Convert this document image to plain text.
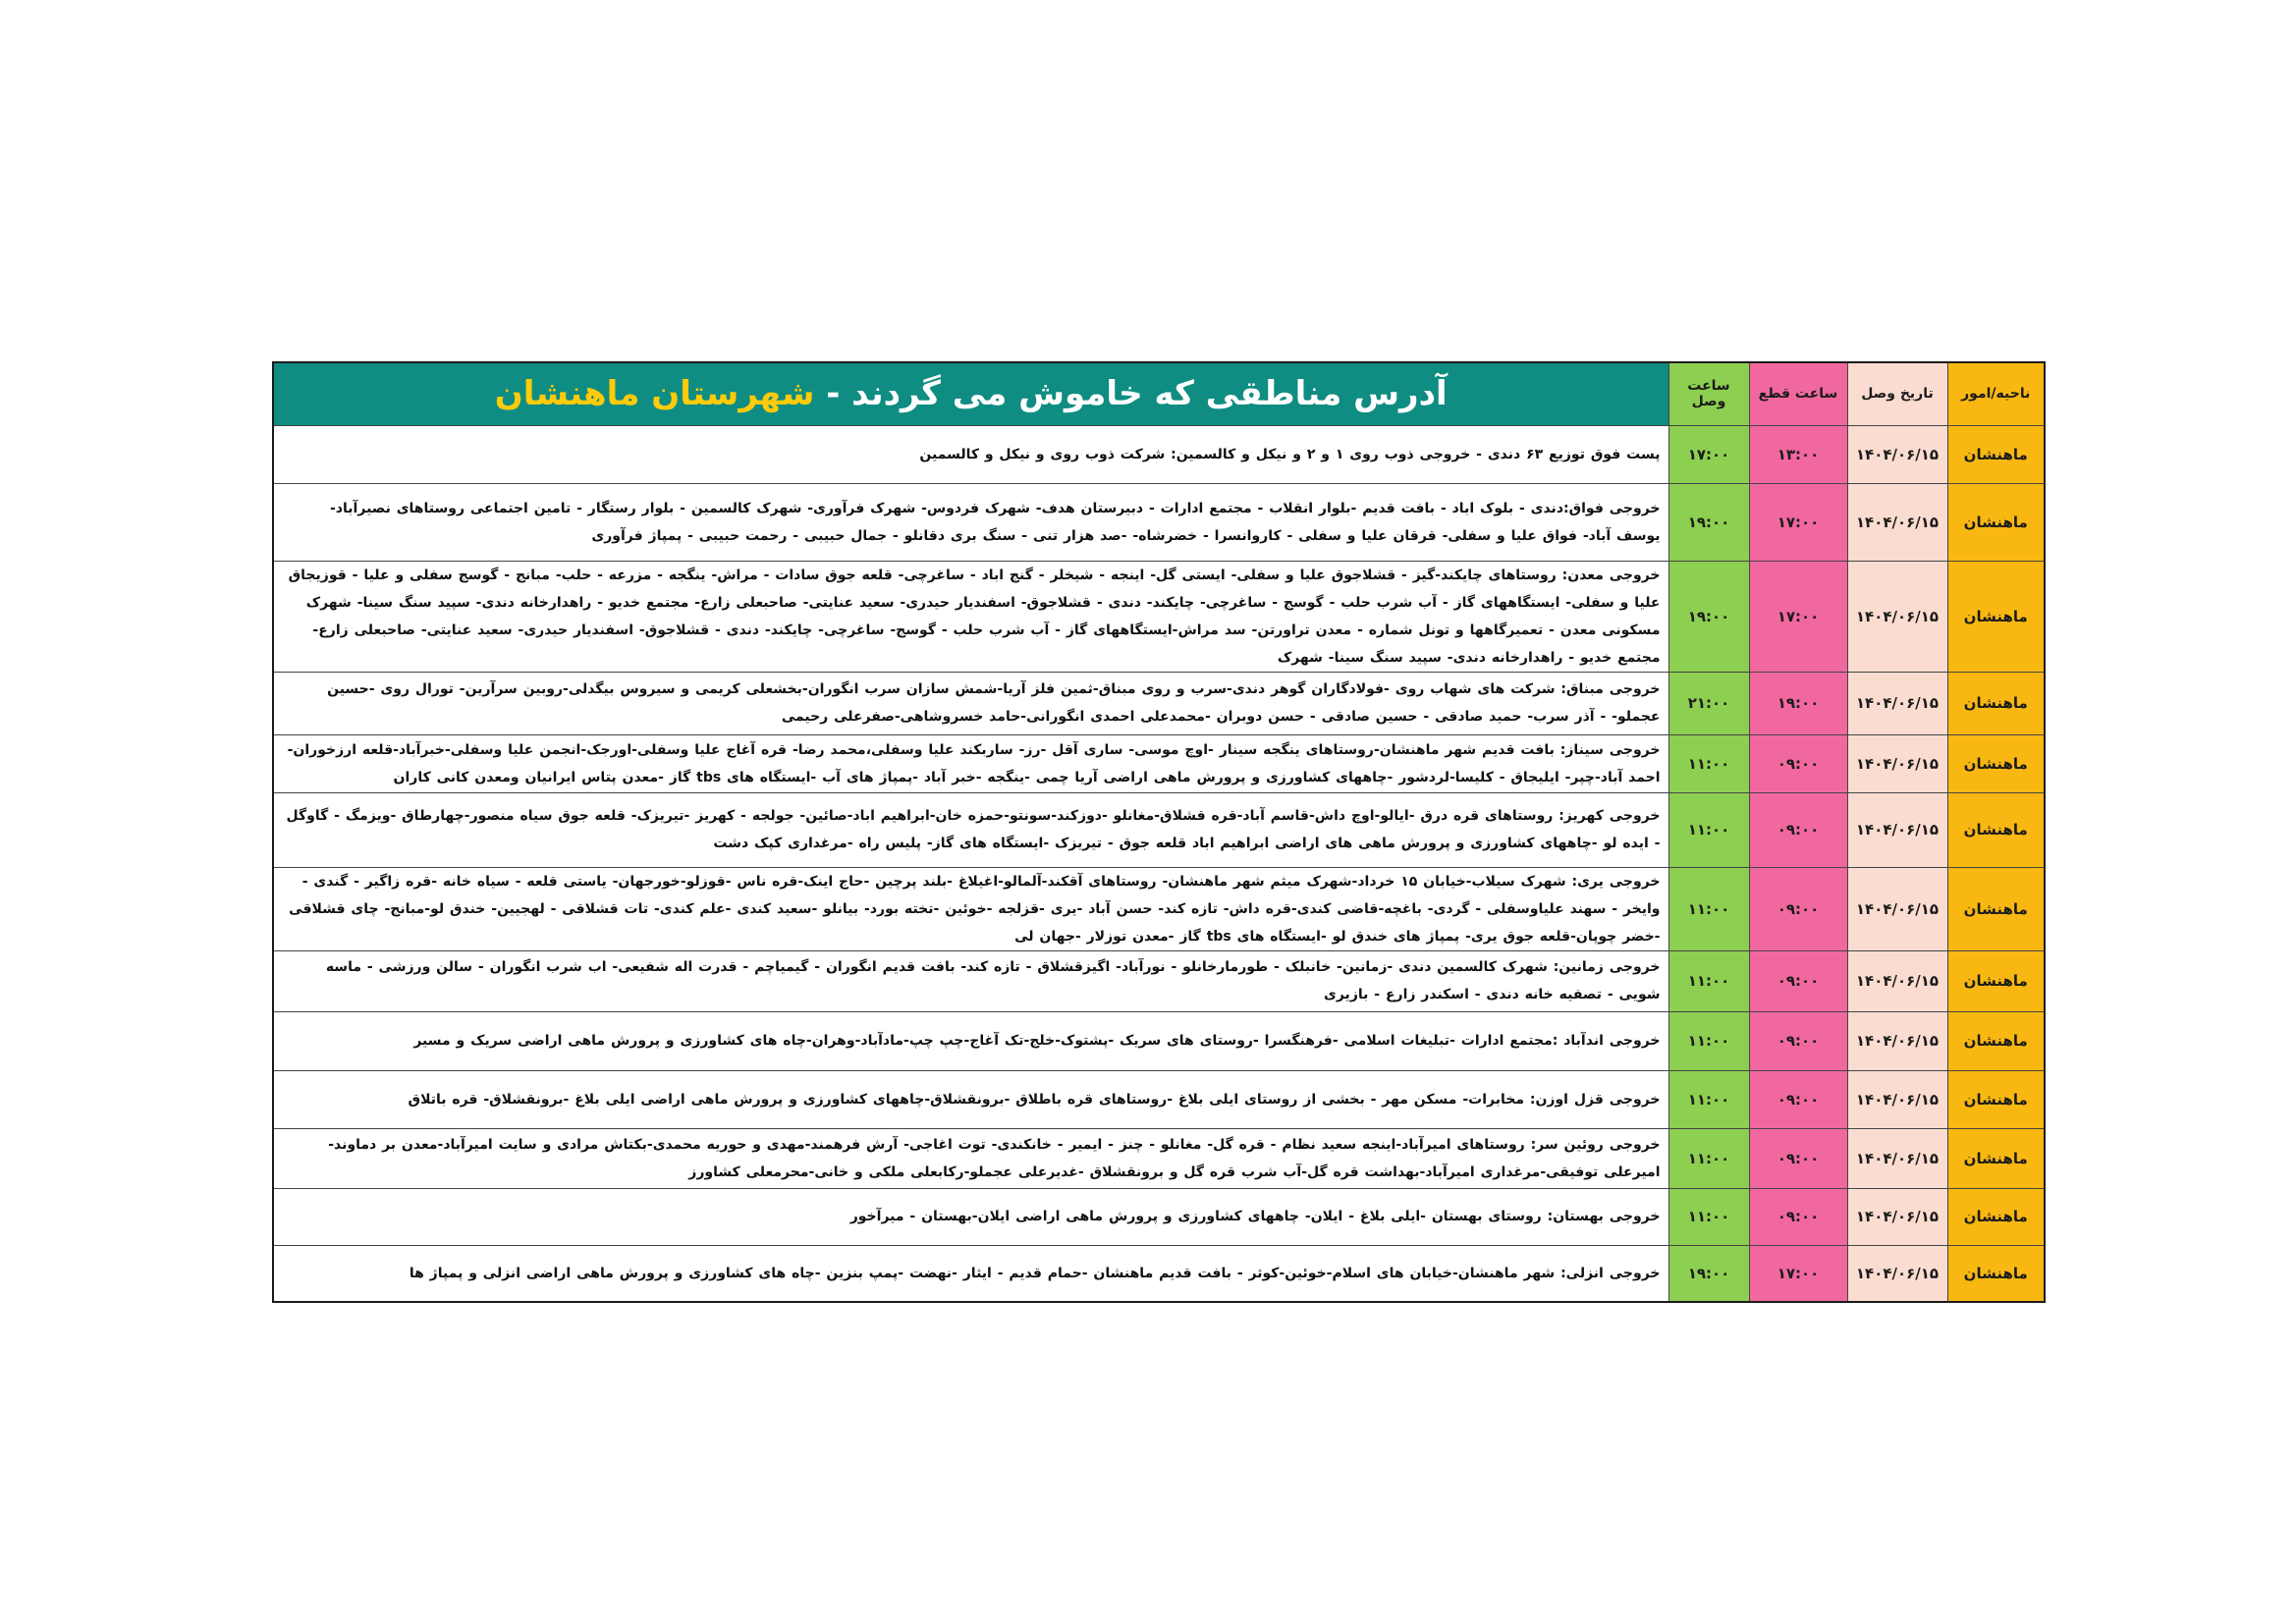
ناحیه/امور	تاریخ وصل	ساعت قطع	ساعت وصل	آدرس مناطقی که خاموش می گردند - شهرستان ماهنشان
ماهنشان	۱۴۰۴/۰۶/۱۵	۱۳:۰۰	۱۷:۰۰	پست فوق توزیع ۶۳ دندی - خروجی ذوب روی ۱ و ۲ و نیکل و کالسمین: شرکت ذوب روی و نیکل و کالسمین
ماهنشان	۱۴۰۴/۰۶/۱۵	۱۷:۰۰	۱۹:۰۰	خروجی فواق:دندی - بلوک اباد - بافت قدیم -بلوار انقلاب - مجتمع ادارات - دبیرستان هدف- شهرک فردوس- شهرک فرآوری- شهرک کالسمین - بلوار رستگار - تامین اجتماعی روستاهای نصیرآباد- یوسف آباد- فواق علیا و سفلی- قرقان علیا و سفلی - کاروانسرا - خضرشاه- -صد هزار تنی - سنگ بری دقانلو - جمال حبیبی - رحمت حبیبی - پمپاژ فرآوری
ماهنشان	۱۴۰۴/۰۶/۱۵	۱۷:۰۰	۱۹:۰۰	خروجی معدن: روستاهای چایکند-گیز - قشلاجوق علیا و سفلی- ایستی گل- اینجه - شیخلر - گنج اباد - ساغرچی- قلعه جوق سادات - مراش- ینگجه - مزرعه - حلب- مبانج - گوسج سفلی و علیا - قوزیجاق علیا و سفلی- ایستگاههای گاز - آب شرب حلب - گوسج - ساغرچی- چایکند- دندی - قشلاجوق- اسفندیار حیدری- سعید عنایتی- صاحبعلی زارع- مجتمع خدیو - راهدارخانه دندی- سپید سنگ سینا- شهرک مسکونی معدن - تعمیرگاهها و تونل شماره - معدن تراورتن- سد مراش-ایستگاههای گاز - آب شرب حلب - گوسج- ساغرچی- چایکند- دندی - قشلاجوق- اسفندیار حیدری- سعید عنایتی- صاحبعلی زارع- مجتمع خدیو - راهدارخانه دندی- سپید سنگ سینا- شهرک
ماهنشان	۱۴۰۴/۰۶/۱۵	۱۹:۰۰	۲۱:۰۰	خروجی مبناق: شرکت های شهاب روی -فولادگاران گوهر دندی-سرب و روی مبناق-ثمین فلز آریا-شمش سازان سرب انگوران-بخشعلی کریمی و سیروس بیگدلی-روبین سرآرین- تورال روی -حسین عجملو- - آذر سرب- حمید صادقی - حسین صادقی - حسن دوبران -محمدعلی احمدی انگورانی-حامد خسروشاهی-صفرعلی رحیمی
ماهنشان	۱۴۰۴/۰۶/۱۵	۰۹:۰۰	۱۱:۰۰	خروجی سیناز: بافت قدیم شهر ماهنشان-روستاهای ینگجه سینار -اوچ موسی- ساری آقل -رز- ساربکند علیا وسفلی،محمد رضا- قره آغاج علیا وسفلی-اورجک-انجمن علیا وسفلی-خبرآباد-قلعه ارزخوران-احمد آباد-چپر- ایلیجاق - کلیسا-لردشور -چاههای کشاورزی و پرورش ماهی اراضی آریا چمی -ینگجه -خبر آباد -پمپاژ های آب -ایستگاه های tbs گاز -معدن پتاس ایرانیان ومعدن کانی کاران
ماهنشان	۱۴۰۴/۰۶/۱۵	۰۹:۰۰	۱۱:۰۰	خروجی کهریز: روستاهای قره درق -ایالو-اوچ داش-قاسم آباد-قره قشلاق-مغانلو -دوزکند-سونتو-حمزه خان-ابراهیم اباد-صائین- جولجه - کهریز -تیریزک- قلعه جوق سیاه منصور-چهارطاق -ویزمگ - گاوگل - ایده لو -چاههای کشاورزی و پرورش ماهی های اراضی ابراهیم اباد قلعه جوق - تیریزک -ایستگاه های گاز- پلیس راه -مرغداری کپک دشت
ماهنشان	۱۴۰۴/۰۶/۱۵	۰۹:۰۰	۱۱:۰۰	خروجی یری: شهرک سیلاب-خیابان ۱۵ خرداد-شهرک میثم شهر ماهنشان- روستاهای آقکند-آلمالو-اغیلاغ -بلند پرچین -حاج اینک-قره ناس -قوزلو-خورجهان- یاستی قلعه - سیاه خانه -قره زاگیر - گندی - وایخر - سهند علیاوسفلی - گردی- باغچه-قاضی کندی-قره داش- تازه کند- حسن آباد -یری -قزلجه -خوئین -تخته بورد- بیانلو -سعید کندی -علم کندی- تات قشلاقی - لهجیین- خندق لو-مبانج- چای قشلاقی -خضر چوپان-قلعه جوق یری- پمپاژ های خندق لو -ایستگاه های tbs گاز -معدن توزلار -جهان لی
ماهنشان	۱۴۰۴/۰۶/۱۵	۰۹:۰۰	۱۱:۰۰	خروجی زمانین: شهرک کالسمین دندی -زمانین- خانبلک - طورمارخانلو - نورآباد- اگیزقشلاق - تازه کند- بافت قدیم انگوران - گیمیاچم - قدرت اله شفیعی- اب شرب انگوران - سالن ورزشی - ماسه شویی - تصفیه خانه دندی - اسکندر زارع - بازیری
ماهنشان	۱۴۰۴/۰۶/۱۵	۰۹:۰۰	۱۱:۰۰	خروجی اندآباد :مجتمع ادارات -تبلیغات اسلامی -فرهنگسرا -روستای های سریک -پشتوک-خلج-تک آغاج-چپ چپ-مادآباد-وهران-چاه های کشاورزی و پرورش ماهی اراضی سریک و مسیر
ماهنشان	۱۴۰۴/۰۶/۱۵	۰۹:۰۰	۱۱:۰۰	خروجی قزل اوزن: مخابرات- مسکن مهر - بخشی از روستای ایلی بلاغ -روستاهای قره باطلاق -برونقشلاق-چاههای کشاورزی و پرورش ماهی اراضی ایلی بلاغ -برونقشلاق- قره باتلاق
ماهنشان	۱۴۰۴/۰۶/۱۵	۰۹:۰۰	۱۱:۰۰	خروجی روئین سر: روستاهای امیرآباد-اینجه سعید نظام - قره گل- مغانلو - چنز - ایمیر - خانکندی- توت اغاجی- آرش فرهمند-مهدی و حوریه محمدی-بکتاش مرادی و سایت امیرآباد-معدن بر دماوند-امیرعلی توفیقی-مرغداری امیرآباد-بهداشت قره گل-آب شرب قره گل و برونقشلاق -غدیرعلی عجملو-رکابعلی ملکی و خانی-محرمعلی کشاورز
ماهنشان	۱۴۰۴/۰۶/۱۵	۰۹:۰۰	۱۱:۰۰	خروجی بهستان: روستای بهستان -ایلی بلاغ - ایلان- چاههای کشاورزی و پرورش ماهی اراضی ایلان-بهستان - میرآخور
ماهنشان	۱۴۰۴/۰۶/۱۵	۱۷:۰۰	۱۹:۰۰	خروجی انزلی: شهر ماهنشان-خیابان های اسلام-خوئین-کوثر - بافت قدیم ماهنشان -حمام قدیم - ایثار -نهضت -پمپ بنزین -چاه های کشاورزی و پرورش ماهی اراضی انزلی و پمپاژ ها
